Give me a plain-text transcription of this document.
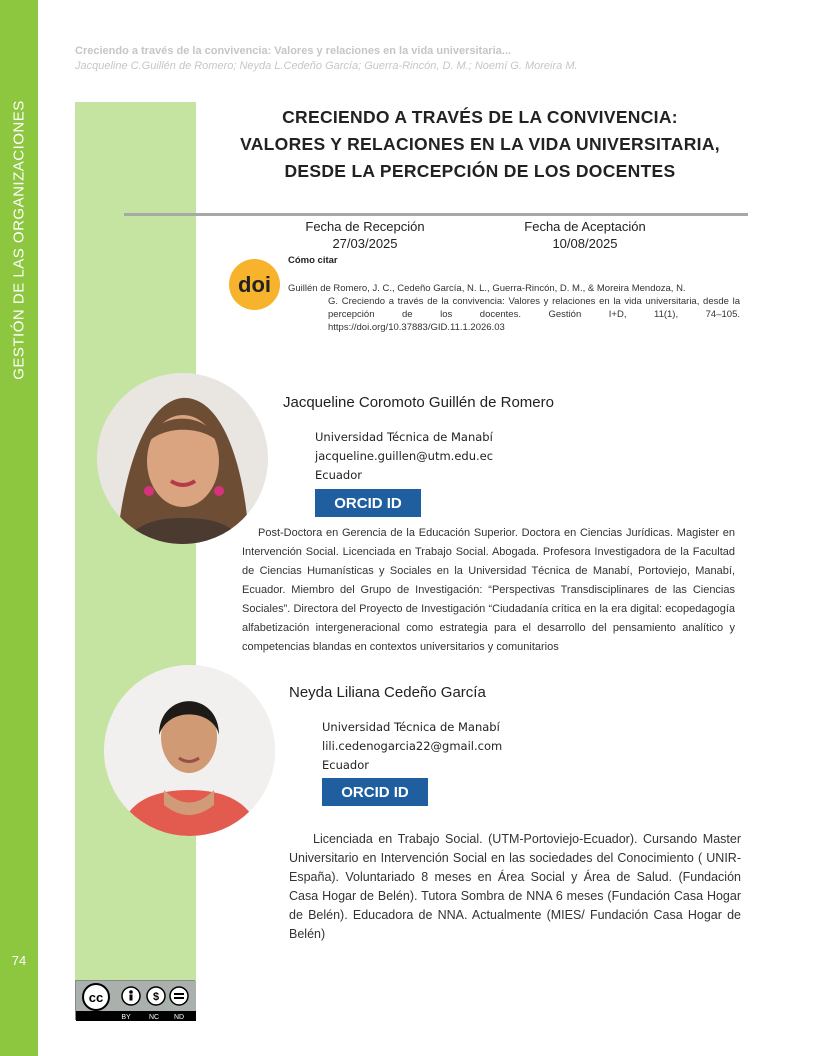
GESTIÓN DE LAS ORGANIZACIONES
74
Creciendo a través de la convivencia: Valores y relaciones en la vida universitaria...
Jacqueline C.Guillén de Romero; Neyda L.Cedeño García; Guerra-Rincón, D. M.; Noemí G. Moreira M.
CRECIENDO A TRAVÉS DE LA CONVIVENCIA:
VALORES Y RELACIONES EN LA VIDA UNIVERSITARIA,
DESDE LA PERCEPCIÓN DE LOS DOCENTES
Fecha de Recepción
27/03/2025
Fecha de Aceptación
10/08/2025
doi
Cómo citar
Guillén de Romero, J. C., Cedeño García, N. L., Guerra-Rincón, D. M., & Moreira Mendoza, N.
G. Creciendo a través de la convivencia: Valores y relaciones en la vida universitaria, desde la percepción de los docentes. Gestión I+D, 11(1), 74–105. https://doi.org/10.37883/GID.11.1.2026.03
Jacqueline Coromoto Guillén de Romero
Universidad Técnica de Manabí
jacqueline.guillen@utm.edu.ec
Ecuador
ORCID ID
Post-Doctora en Gerencia de la Educación Superior. Doctora en Ciencias Jurídicas. Magister en Intervención Social. Licenciada en Trabajo Social. Abogada. Profesora Investigadora de la Facultad de Ciencias Humanísticas y Sociales en la Universidad Técnica de Manabí, Portoviejo, Manabí, Ecuador. Miembro del Grupo de Investigación: “Perspectivas Transdisciplinares de las Ciencias Sociales”. Directora del Proyecto de Investigación “Ciudadanía crítica en la era digital: ecopedagogía alfabetización intergeneracional como estrategia para el desarrollo del pensamiento analítico y competencias blandas en contextos universitarios y comunitarios
Neyda Liliana Cedeño García
Universidad Técnica de Manabí
lili.cedenogarcia22@gmail.com
Ecuador
ORCID ID
Licenciada en Trabajo Social. (UTM-Portoviejo-Ecuador). Cursando Master Universitario en Intervención Social en las sociedades del Conocimiento ( UNIR- España). Voluntariado 8 meses en Área Social y Área de Salud. (Fundación Casa Hogar de Belén). Tutora Sombra de NNA 6 meses (Fundación Casa Hogar de Belén). Educadora de NNA. Actualmente (MIES/ Fundación Casa Hogar de Belén)
cc	$
BY	NC ND
